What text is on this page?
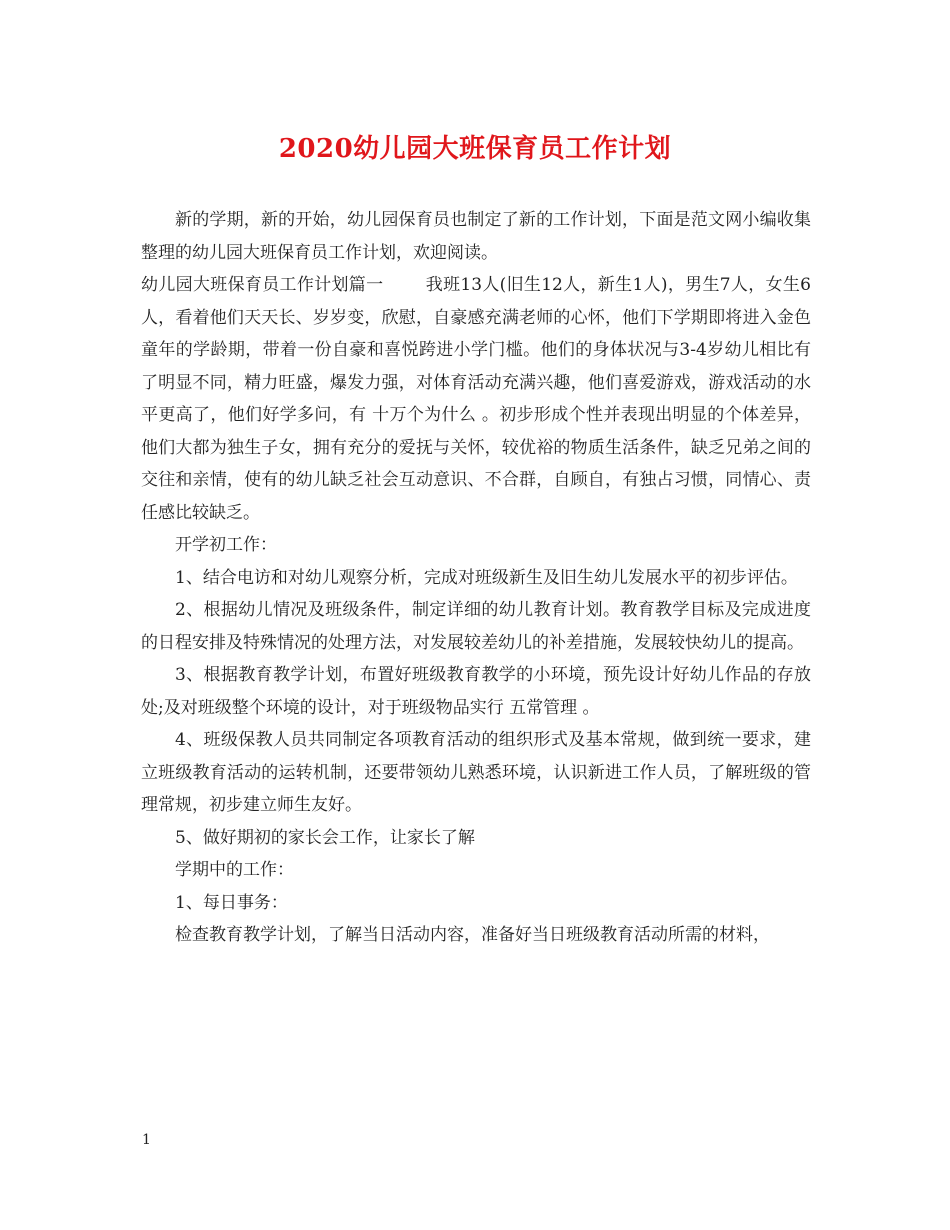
2020幼儿园大班保育员工作计划

新的学期，新的开始，幼儿园保育员也制定了新的工作计划，下面是范文网小编收集整理的幼儿园大班保育员工作计划，欢迎阅读。

幼儿园大班保育员工作计划篇一 我班13人(旧生12人，新生1人)，男生7人，女生6人，看着他们天天长、岁岁变，欣慰，自豪感充满老师的心怀，他们下学期即将进入金色童年的学龄期，带着一份自豪和喜悦跨进小学门槛。他们的身体状况与3-4岁幼儿相比有了明显不同，精力旺盛，爆发力强，对体育活动充满兴趣，他们喜爱游戏，游戏活动的水平更高了，他们好学多问，有 十万个为什么 。初步形成个性并表现出明显的个体差异，他们大都为独生子女，拥有充分的爱抚与关怀，较优裕的物质生活条件，缺乏兄弟之间的交往和亲情，使有的幼儿缺乏社会互动意识、不合群，自顾自，有独占习惯，同情心、责任感比较缺乏。

开学初工作：

1、结合电访和对幼儿观察分析，完成对班级新生及旧生幼儿发展水平的初步评估。

2、根据幼儿情况及班级条件，制定详细的幼儿教育计划。教育教学目标及完成进度的日程安排及特殊情况的处理方法，对发展较差幼儿的补差措施，发展较快幼儿的提高。

3、根据教育教学计划，布置好班级教育教学的小环境，预先设计好幼儿作品的存放处;及对班级整个环境的设计，对于班级物品实行 五常管理 。

4、班级保教人员共同制定各项教育活动的组织形式及基本常规，做到统一要求，建立班级教育活动的运转机制，还要带领幼儿熟悉环境，认识新进工作人员，了解班级的管理常规，初步建立师生友好。

5、做好期初的家长会工作，让家长了解

学期中的工作：

1、每日事务：

检查教育教学计划，了解当日活动内容，准备好当日班级教育活动所需的材料，

1
